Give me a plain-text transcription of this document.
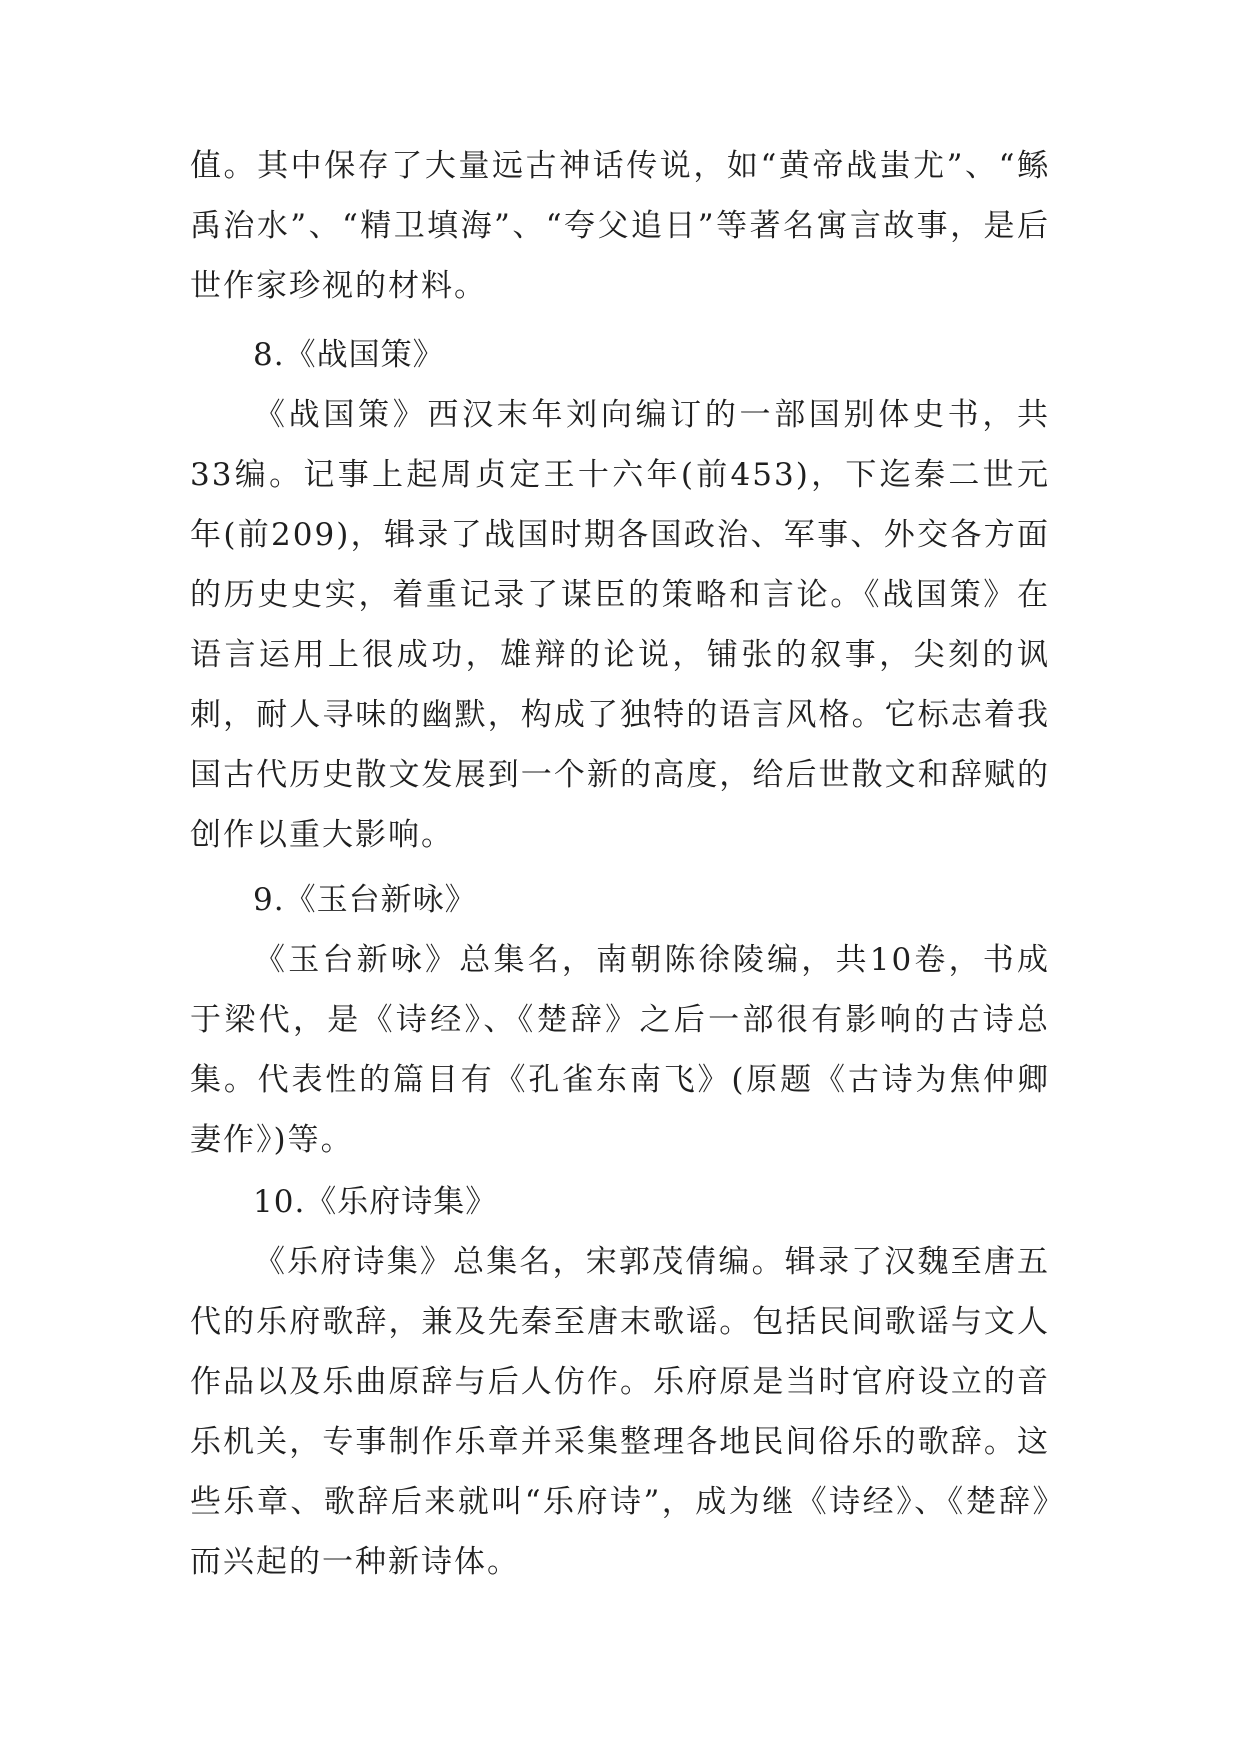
值。其中保存了大量远古神话传说，如“黄帝战蚩尤”、“鲧禹治水”、“精卫填海”、“夸父追日”等著名寓言故事，是后世作家珍视的材料。

8.《战国策》

《战国策》西汉末年刘向编订的一部国别体史书，共33编。记事上起周贞定王十六年(前453)，下迄秦二世元年(前209)，辑录了战国时期各国政治、军事、外交各方面的历史史实，着重记录了谋臣的策略和言论。《战国策》在语言运用上很成功，雄辩的论说，铺张的叙事，尖刻的讽刺，耐人寻味的幽默，构成了独特的语言风格。它标志着我国古代历史散文发展到一个新的高度，给后世散文和辞赋的创作以重大影响。

9.《玉台新咏》

《玉台新咏》总集名，南朝陈徐陵编，共10卷，书成于梁代，是《诗经》、《楚辞》之后一部很有影响的古诗总集。代表性的篇目有《孔雀东南飞》(原题《古诗为焦仲卿妻作》)等。

10.《乐府诗集》

《乐府诗集》总集名，宋郭茂倩编。辑录了汉魏至唐五代的乐府歌辞，兼及先秦至唐末歌谣。包括民间歌谣与文人作品以及乐曲原辞与后人仿作。乐府原是当时官府设立的音乐机关，专事制作乐章并采集整理各地民间俗乐的歌辞。这些乐章、歌辞后来就叫“乐府诗”，成为继《诗经》、《楚辞》而兴起的一种新诗体。
